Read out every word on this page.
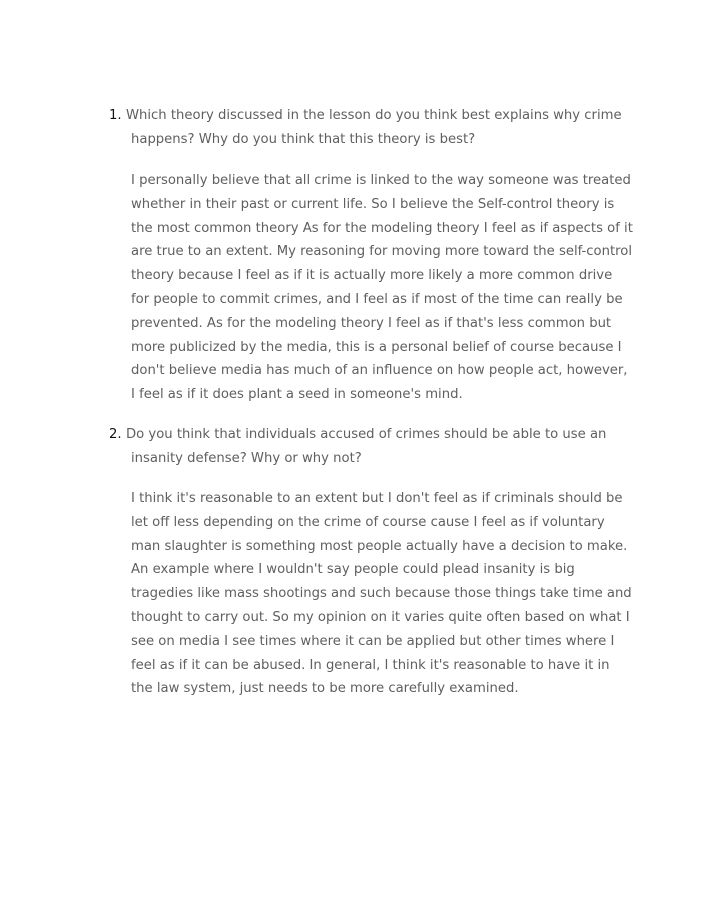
1. Which theory discussed in the lesson do you think best explains why crime happens? Why do you think that this theory is best?

I personally believe that all crime is linked to the way someone was treated whether in their past or current life. So I believe the Self-control theory is the most common theory As for the modeling theory I feel as if aspects of it are true to an extent. My reasoning for moving more toward the self-control theory because I feel as if it is actually more likely a more common drive for people to commit crimes, and I feel as if most of the time can really be prevented. As for the modeling theory I feel as if that's less common but more publicized by the media, this is a personal belief of course because I don't believe media has much of an influence on how people act, however, I feel as if it does plant a seed in someone's mind.

2. Do you think that individuals accused of crimes should be able to use an insanity defense? Why or why not?

I think it's reasonable to an extent but I don't feel as if criminals should be let off less depending on the crime of course cause I feel as if voluntary man slaughter is something most people actually have a decision to make. An example where I wouldn't say people could plead insanity is big tragedies like mass shootings and such because those things take time and thought to carry out. So my opinion on it varies quite often based on what I see on media I see times where it can be applied but other times where I feel as if it can be abused. In general, I think it's reasonable to have it in the law system, just needs to be more carefully examined.
